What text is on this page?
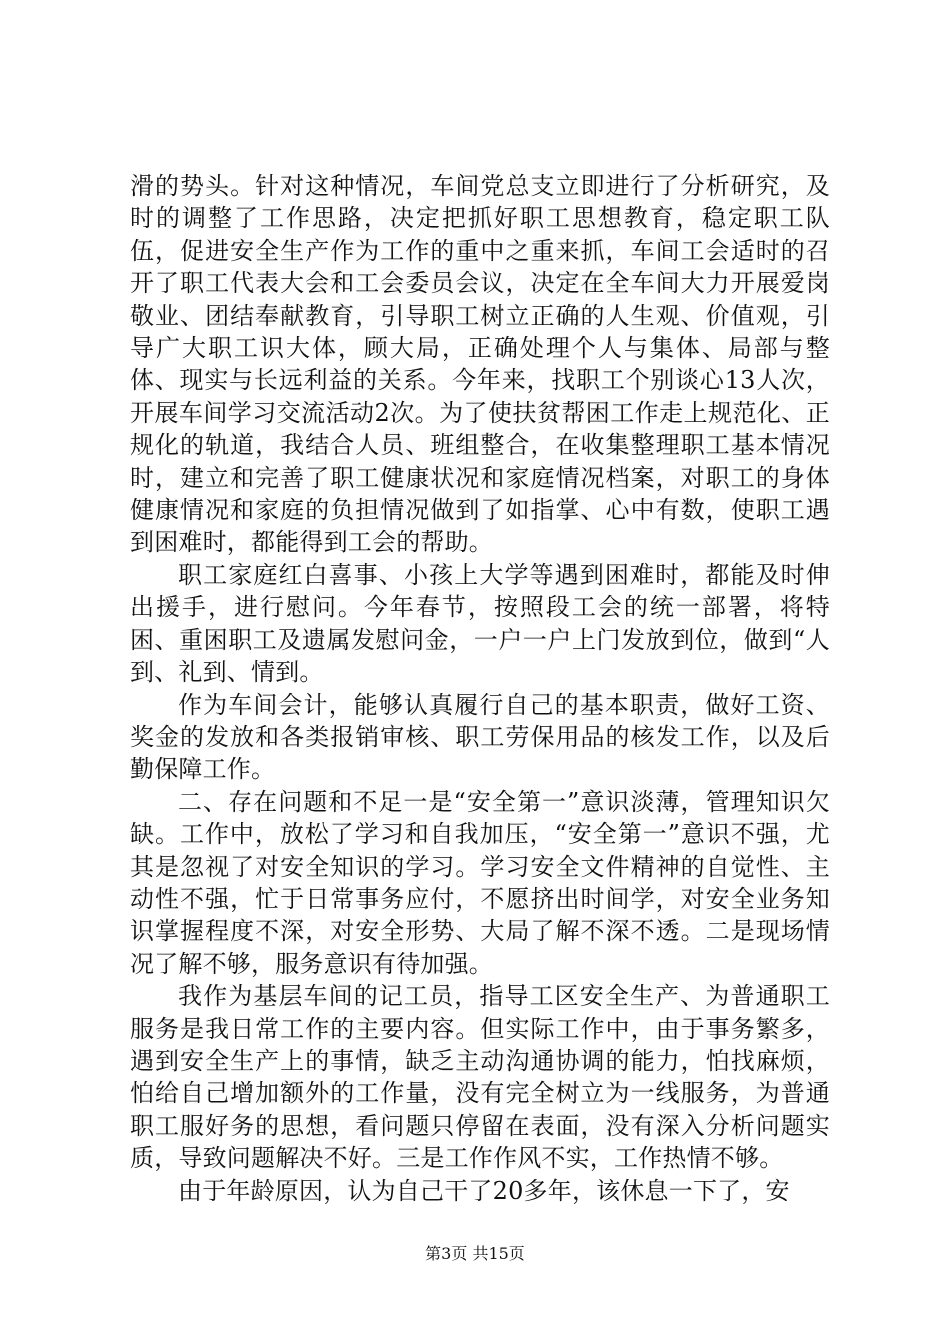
滑的势头。针对这种情况，车间党总支立即进行了分析研究，及时的调整了工作思路，决定把抓好职工思想教育，稳定职工队伍，促进安全生产作为工作的重中之重来抓，车间工会适时的召开了职工代表大会和工会委员会议，决定在全车间大力开展爱岗敬业、团结奉献教育，引导职工树立正确的人生观、价值观，引导广大职工识大体，顾大局，正确处理个人与集体、局部与整体、现实与长远利益的关系。今年来，找职工个别谈心13人次，开展车间学习交流活动2次。为了使扶贫帮困工作走上规范化、正规化的轨道，我结合人员、班组整合，在收集整理职工基本情况时，建立和完善了职工健康状况和家庭情况档案，对职工的身体健康情况和家庭的负担情况做到了如指掌、心中有数，使职工遇到困难时，都能得到工会的帮助。

职工家庭红白喜事、小孩上大学等遇到困难时，都能及时伸出援手，进行慰问。今年春节，按照段工会的统一部署，将特困、重困职工及遗属发慰问金，一户一户上门发放到位，做到“人到、礼到、情到。

作为车间会计，能够认真履行自己的基本职责，做好工资、奖金的发放和各类报销审核、职工劳保用品的核发工作，以及后勤保障工作。

二、存在问题和不足一是“安全第一”意识淡薄，管理知识欠缺。工作中，放松了学习和自我加压，“安全第一”意识不强，尤其是忽视了对安全知识的学习。学习安全文件精神的自觉性、主动性不强，忙于日常事务应付，不愿挤出时间学，对安全业务知识掌握程度不深，对安全形势、大局了解不深不透。二是现场情况了解不够，服务意识有待加强。

我作为基层车间的记工员，指导工区安全生产、为普通职工服务是我日常工作的主要内容。但实际工作中，由于事务繁多，遇到安全生产上的事情，缺乏主动沟通协调的能力，怕找麻烦，怕给自己增加额外的工作量，没有完全树立为一线服务，为普通职工服好务的思想，看问题只停留在表面，没有深入分析问题实质，导致问题解决不好。三是工作作风不实，工作热情不够。

由于年龄原因，认为自己干了20多年，该休息一下了，安

第3页 共15页
